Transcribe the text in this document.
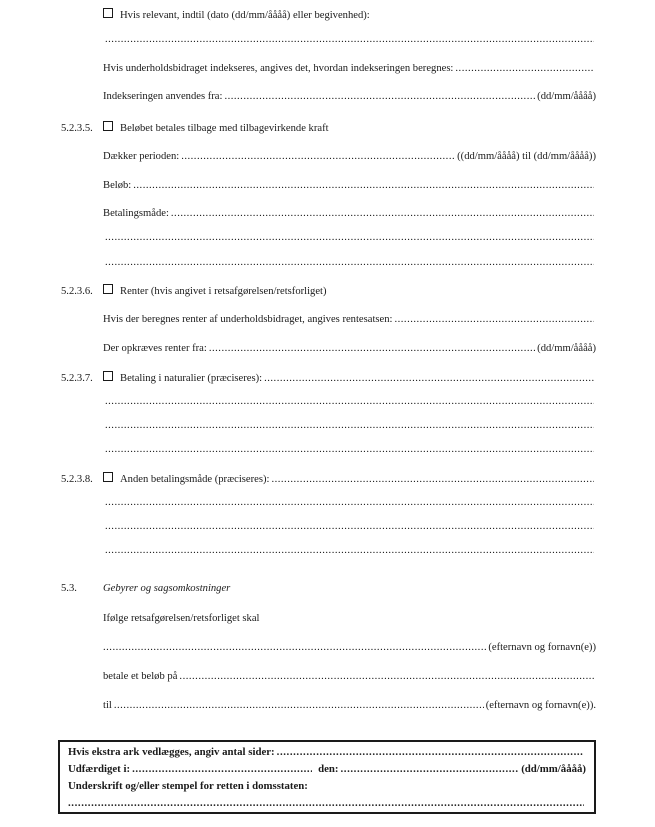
Hvis relevant, indtil (dato (dd/mm/åååå) eller begivenhed):
.....
Hvis underholdsbidraget indekseres, angives det, hvordan indekseringen beregnes:
.....
Indekseringen anvendes fra: .....	(dd/mm/åååå)
5.2.3.5.	Beløbet betales tilbage med tilbagevirkende kraft
Dækker perioden: .....	((dd/mm/åååå) til (dd/mm/åååå))
Beløb:
.....
Betalingsmåde:
.....
.....
.....
5.2.3.6.	Renter (hvis angivet i retsafgørelsen/retsforliget)
Hvis der beregnes renter af underholdsbidraget, angives rentesatsen:
.....
Der opkræves renter fra: .....	(dd/mm/åååå)
5.2.3.7.	Betaling i naturalier (præciseres):
.....
.....
.....
.....
5.2.3.8.	Anden betalingsmåde (præciseres):
.....
.....
.....
.....
5.3.	Gebyrer og sagsomkostninger
Ifølge retsafgørelsen/retsforliget skal
.....
(efternavn og fornavn(e))
betale et beløb på
.....
til .....	(efternavn og fornavn(e)).
Hvis ekstra ark vedlægges, angiv antal sider:
.....
Udfærdiget i: .....	den: .....	(dd/mm/åååå)
Underskrift og/eller stempel for retten i domsstaten:
.....
